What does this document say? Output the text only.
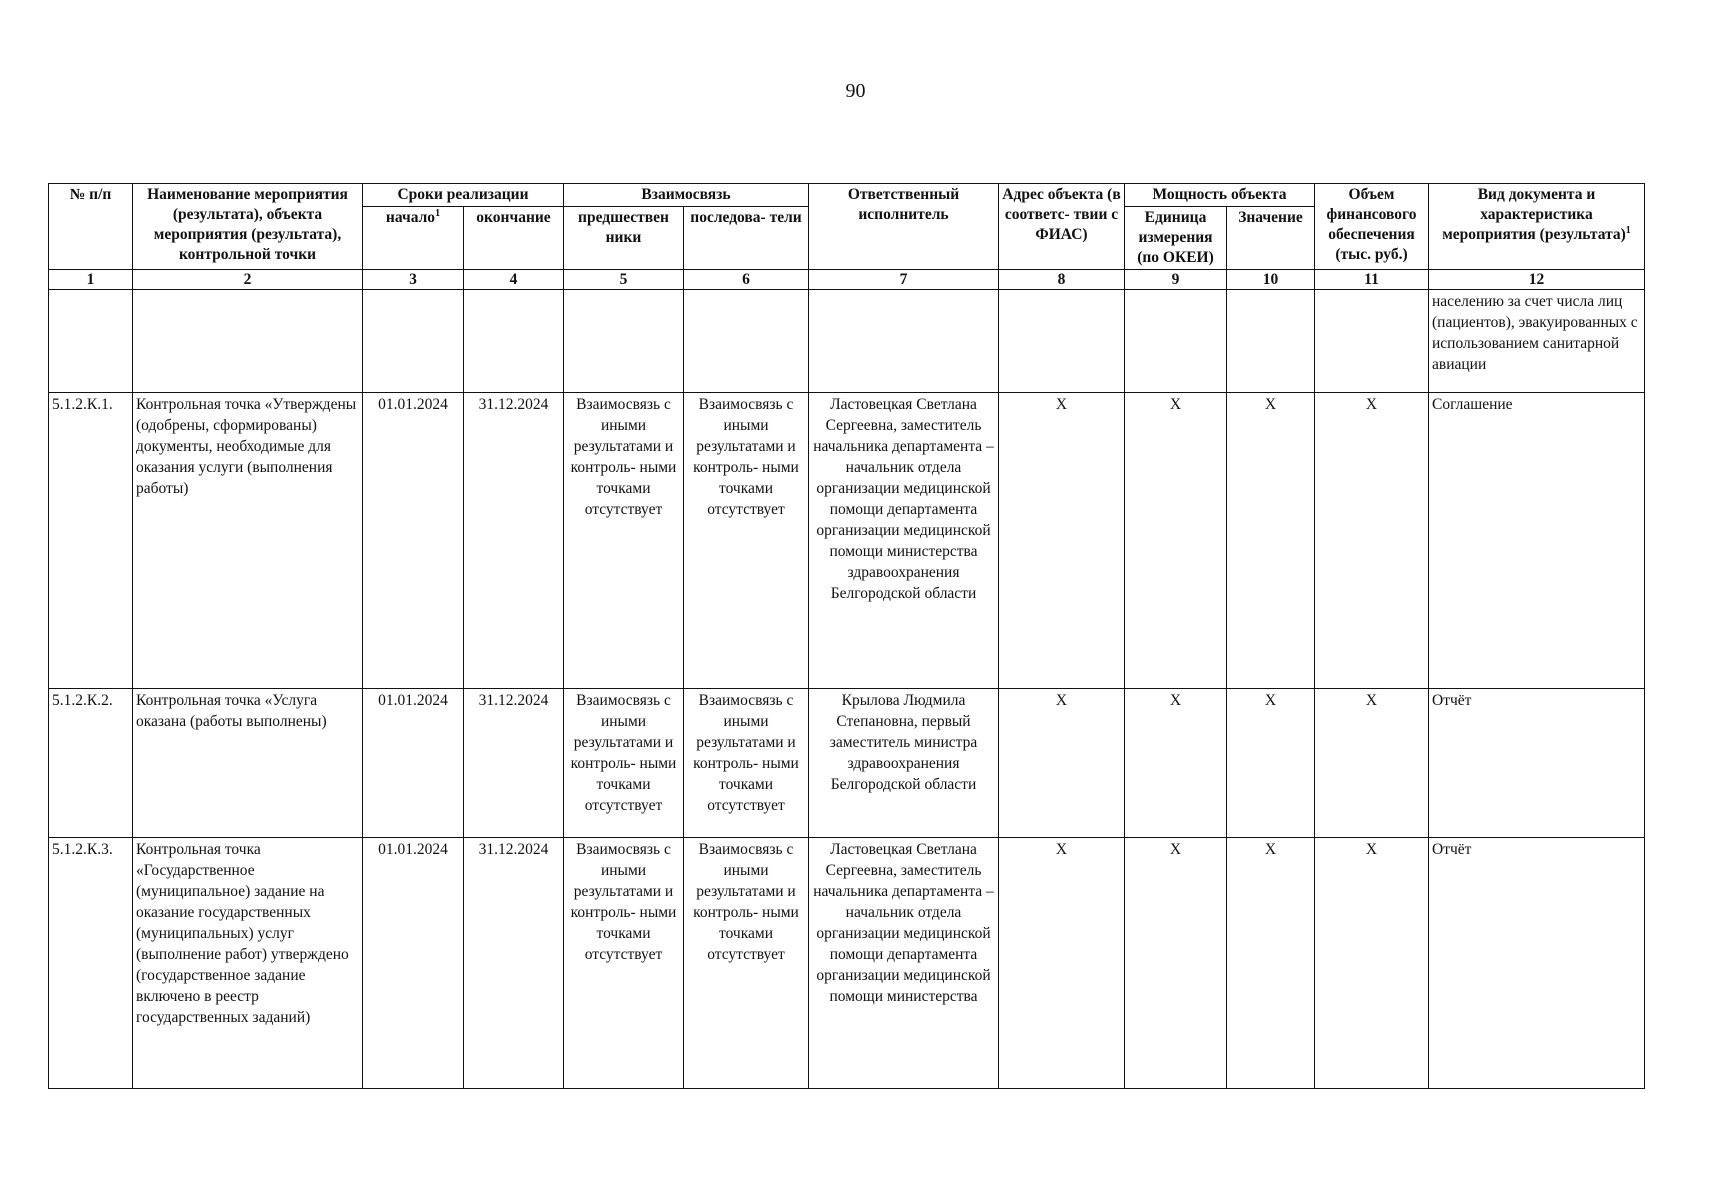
90
№ п/п	Наименование мероприятия (результата), объекта мероприятия (результата), контрольной точки	Сроки реализации		Взаимосвязь		Ответственный исполнитель	Адрес объекта (в соответс- твии с ФИАС)	Мощность объекта		Объем финансового обеспечения (тыс. руб.)	Вид документа и характеристика мероприятия (результата)$^1$
		начало$^1$	окончание	предшествен ники	последова- тели			Единица измерения (по ОКЕИ)	Значение		
1	2	3	4	5	6	7	8	9	10	11	12
											населению за счет числа лиц (пациентов), эвакуированных с использованием санитарной авиации
5.1.2.К.1.	Контрольная точка «Утверждены (одобрены, сформированы) документы, необходимые для оказания услуги (выполнения работы)	01.01.2024	31.12.2024	Взаимосвязь с иными результатами и контроль- ными точками отсутствует	Взаимосвязь с иными результатами и контроль- ными точками отсутствует	Ластовецкая Светлана Сергеевна, заместитель начальника департамента – начальник отдела организации медицинской помощи департамента организации медицинской помощи министерства здравоохранения Белгородской области	Х	Х	Х	Х	Соглашение
5.1.2.К.2.	Контрольная точка «Услуга оказана (работы выполнены)	01.01.2024	31.12.2024	Взаимосвязь с иными результатами и контроль- ными точками отсутствует	Взаимосвязь с иными результатами и контроль- ными точками отсутствует	Крылова Людмила Степановна, первый заместитель министра здравоохранения Белгородской области	Х	Х	Х	Х	Отчёт
5.1.2.К.3.	Контрольная точка «Государственное (муниципальное) задание на оказание государственных (муниципальных) услуг (выполнение работ) утверждено (государственное задание включено в реестр государственных заданий)	01.01.2024	31.12.2024	Взаимосвязь с иными результатами и контроль- ными точками отсутствует	Взаимосвязь с иными результатами и контроль- ными точками отсутствует	Ластовецкая Светлана Сергеевна, заместитель начальника департамента – начальник отдела организации медицинской помощи департамента организации медицинской помощи министерства	Х	Х	Х	Х	Отчёт
